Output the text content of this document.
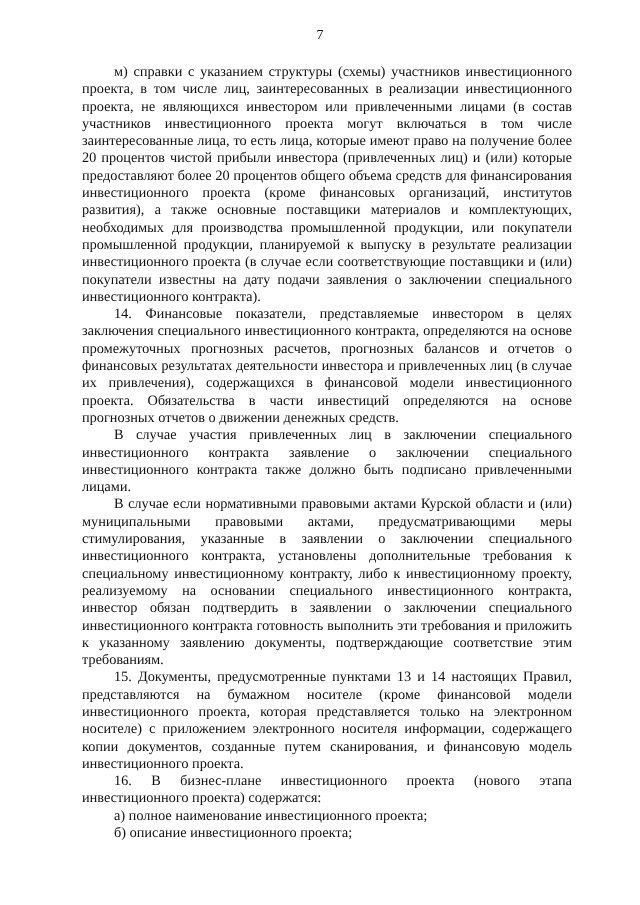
7

м) справки с указанием структуры (схемы) участников инвестиционного проекта, в том числе лиц, заинтересованных в реализации инвестиционного проекта, не являющихся инвестором или привлеченными лицами (в состав участников инвестиционного проекта могут включаться в том числе заинтересованные лица, то есть лица, которые имеют право на получение более 20 процентов чистой прибыли инвестора (привлеченных лиц) и (или) которые предоставляют более 20 процентов общего объема средств для финансирования инвестиционного проекта (кроме финансовых организаций, институтов развития), а также основные поставщики материалов и комплектующих, необходимых для производства промышленной продукции, или покупатели промышленной продукции, планируемой к выпуску в результате реализации инвестиционного проекта (в случае если соответствующие поставщики и (или) покупатели известны на дату подачи заявления о заключении специального инвестиционного контракта).

14. Финансовые показатели, представляемые инвестором в целях заключения специального инвестиционного контракта, определяются на основе промежуточных прогнозных расчетов, прогнозных балансов и отчетов о финансовых результатах деятельности инвестора и привлеченных лиц (в случае их привлечения), содержащихся в финансовой модели инвестиционного проекта. Обязательства в части инвестиций определяются на основе прогнозных отчетов о движении денежных средств.

В случае участия привлеченных лиц в заключении специального инвестиционного контракта заявление о заключении специального инвестиционного контракта также должно быть подписано привлеченными лицами.

В случае если нормативными правовыми актами Курской области и (или) муниципальными правовыми актами, предусматривающими меры стимулирования, указанные в заявлении о заключении специального инвестиционного контракта, установлены дополнительные требования к специальному инвестиционному контракту, либо к инвестиционному проекту, реализуемому на основании специального инвестиционного контракта, инвестор обязан подтвердить в заявлении о заключении специального инвестиционного контракта готовность выполнить эти требования и приложить к указанному заявлению документы, подтверждающие соответствие этим требованиям.

15. Документы, предусмотренные пунктами 13 и 14 настоящих Правил, представляются на бумажном носителе (кроме финансовой модели инвестиционного проекта, которая представляется только на электронном носителе) с приложением электронного носителя информации, содержащего копии документов, созданные путем сканирования, и финансовую модель инвестиционного проекта.

16. В бизнес-плане инвестиционного проекта (нового этапа инвестиционного проекта) содержатся:

а) полное наименование инвестиционного проекта;

б) описание инвестиционного проекта;
